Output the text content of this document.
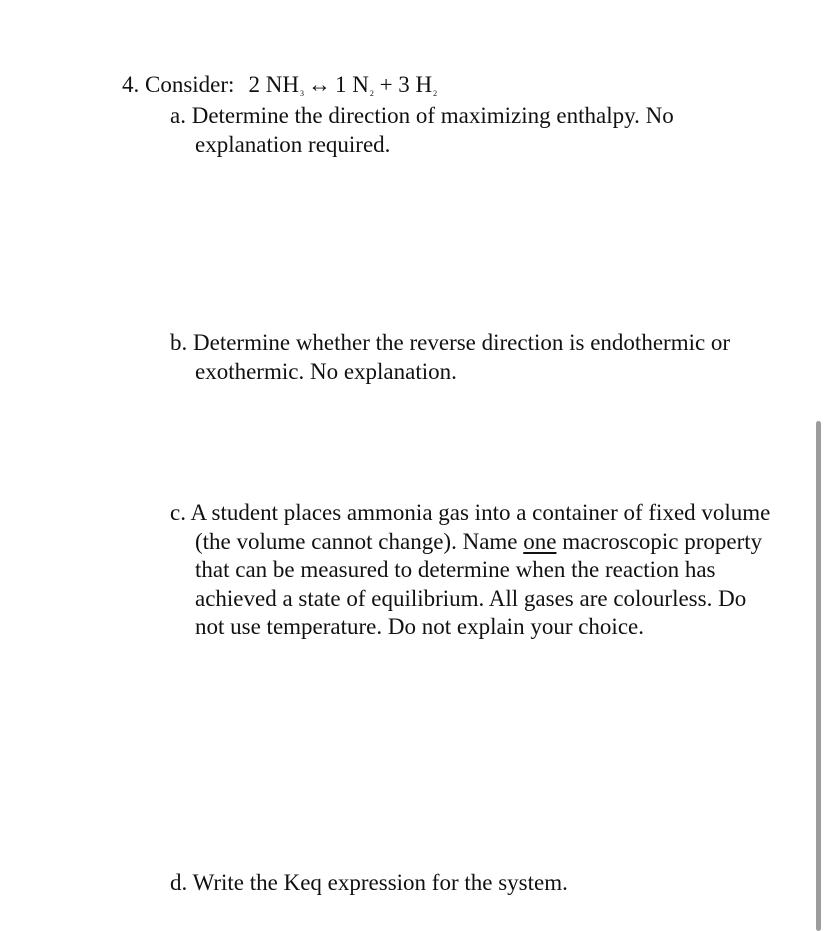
4. Consider: 2 $NH_3$ ↔ 1 $N_2 + 3$ $H_2$
a. Determine the direction of maximizing enthalpy. No explanation required.
b. Determine whether the reverse direction is endothermic or exothermic. No explanation.
c. A student places ammonia gas into a container of fixed volume (the volume cannot change). Name one macroscopic property that can be measured to determine when the reaction has achieved a state of equilibrium. All gases are colourless. Do not use temperature. Do not explain your choice.
d. Write the Keq expression for the system.
